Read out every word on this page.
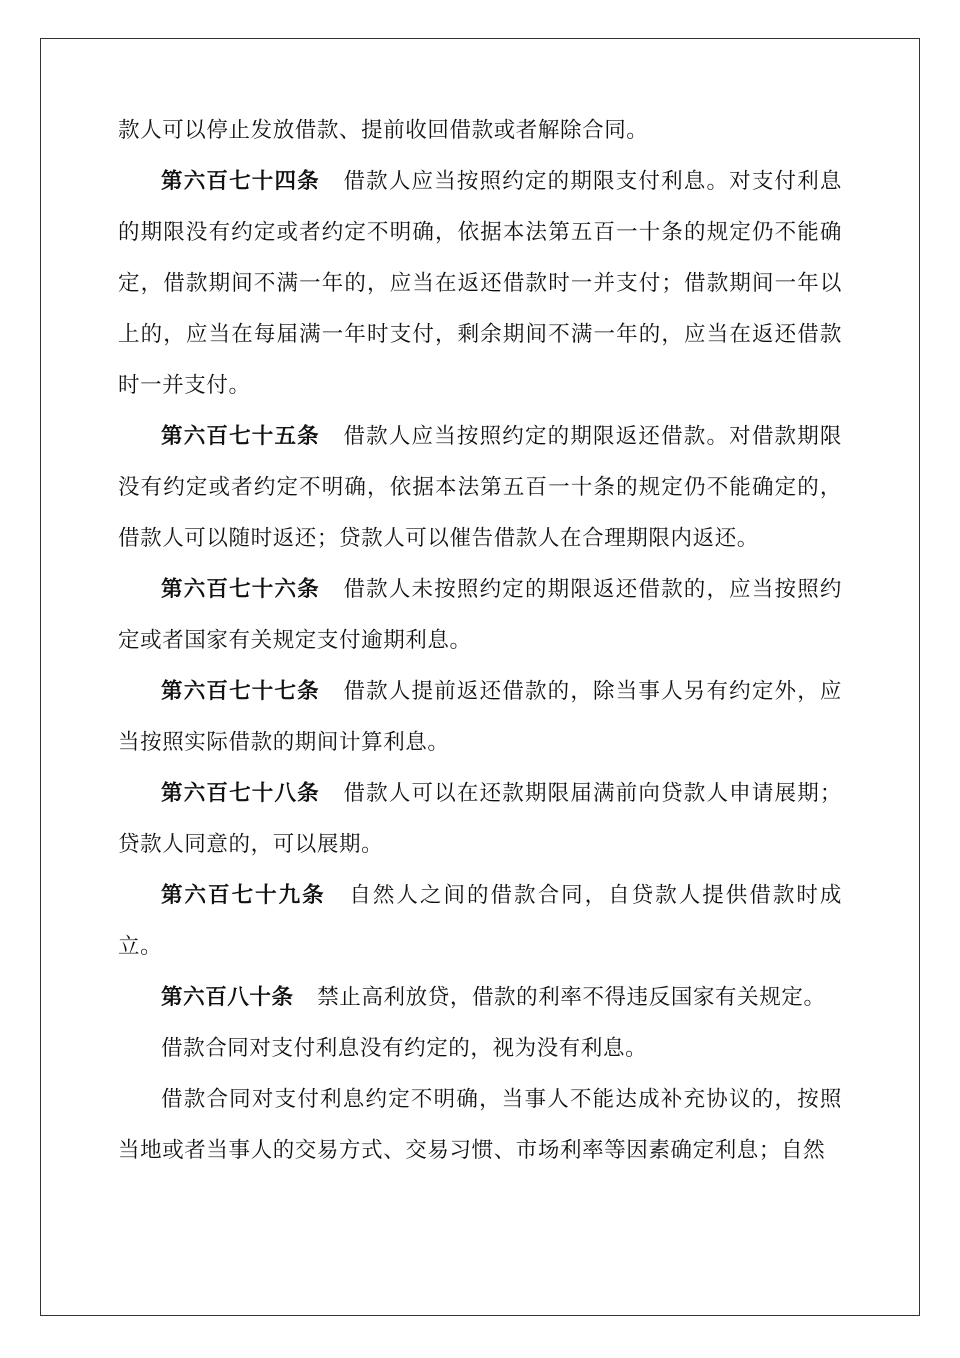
款人可以停止发放借款、提前收回借款或者解除合同。

第六百七十四条 借款人应当按照约定的期限支付利息。对支付利息的期限没有约定或者约定不明确，依据本法第五百一十条的规定仍不能确定，借款期间不满一年的，应当在返还借款时一并支付；借款期间一年以上的，应当在每届满一年时支付，剩余期间不满一年的，应当在返还借款时一并支付。

第六百七十五条 借款人应当按照约定的期限返还借款。对借款期限没有约定或者约定不明确，依据本法第五百一十条的规定仍不能确定的，借款人可以随时返还；贷款人可以催告借款人在合理期限内返还。

第六百七十六条 借款人未按照约定的期限返还借款的，应当按照约定或者国家有关规定支付逾期利息。

第六百七十七条 借款人提前返还借款的，除当事人另有约定外，应当按照实际借款的期间计算利息。

第六百七十八条 借款人可以在还款期限届满前向贷款人申请展期；贷款人同意的，可以展期。

第六百七十九条 自然人之间的借款合同，自贷款人提供借款时成立。

第六百八十条 禁止高利放贷，借款的利率不得违反国家有关规定。

借款合同对支付利息没有约定的，视为没有利息。

借款合同对支付利息约定不明确，当事人不能达成补充协议的，按照当地或者当事人的交易方式、交易习惯、市场利率等因素确定利息；自然
